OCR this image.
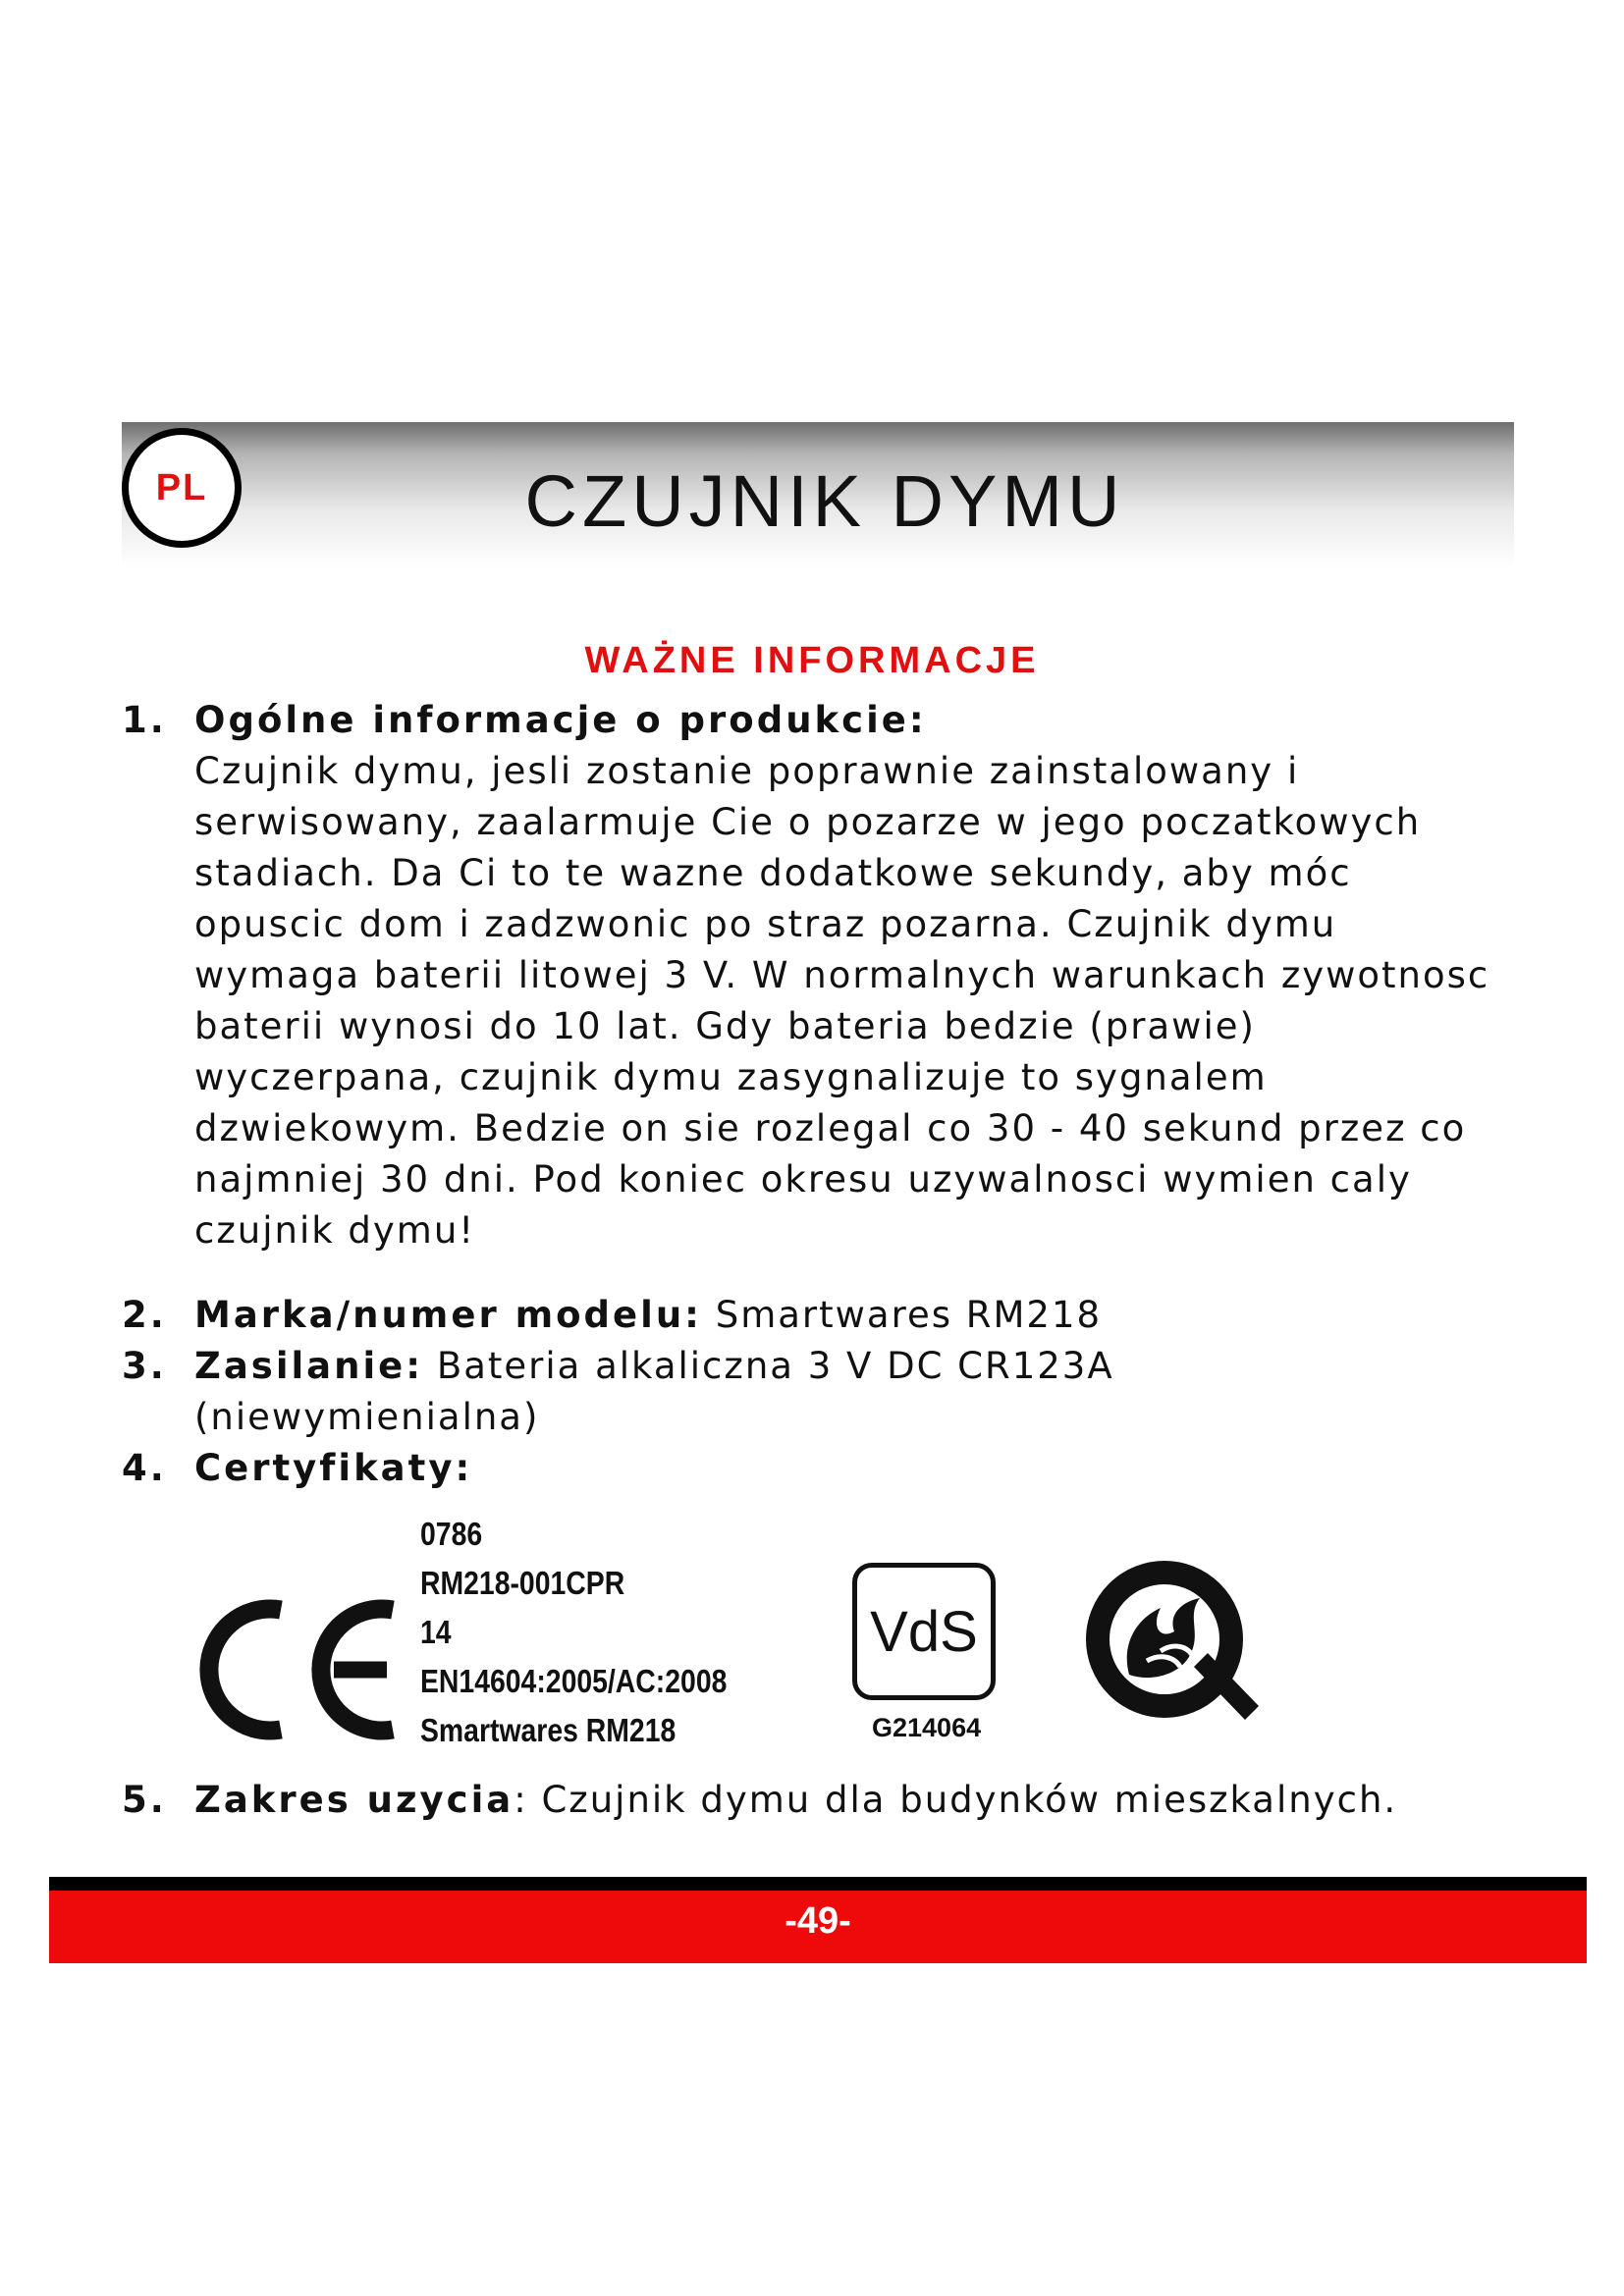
PL	CZUJNIK DYMU
WAŻNE INFORMACJE
1. Ogólne informacje o produkcie:
Czujnik dymu, jesli zostanie poprawnie zainstalowany i serwisowany, zaalarmuje Cie o pozarze w jego poczatkowych stadiach. Da Ci to te wazne dodatkowe sekundy, aby móc opuscic dom i zadzwonic po straz pozarna. Czujnik dymu wymaga baterii litowej 3 V. W normalnych warunkach zywotnosc baterii wynosi do 10 lat. Gdy bateria bedzie (prawie) wyczerpana, czujnik dymu zasygnalizuje to sygnalem dzwiekowym. Bedzie on sie rozlegal co 30 - 40 sekund przez co najmniej 30 dni. Pod koniec okresu uzywalnosci wymien caly czujnik dymu!
2. Marka/numer modelu: Smartwares RM218
3. Zasilanie: Bateria alkaliczna 3 V DC CR123A (niewymienialna)
4. Certyfikaty:
0786
RM218-001CPR
14
EN14604:2005/AC:2008
Smartwares RM218
VdS
G214064
5. Zakres uzycia: Czujnik dymu dla budynków mieszkalnych.
-49-
